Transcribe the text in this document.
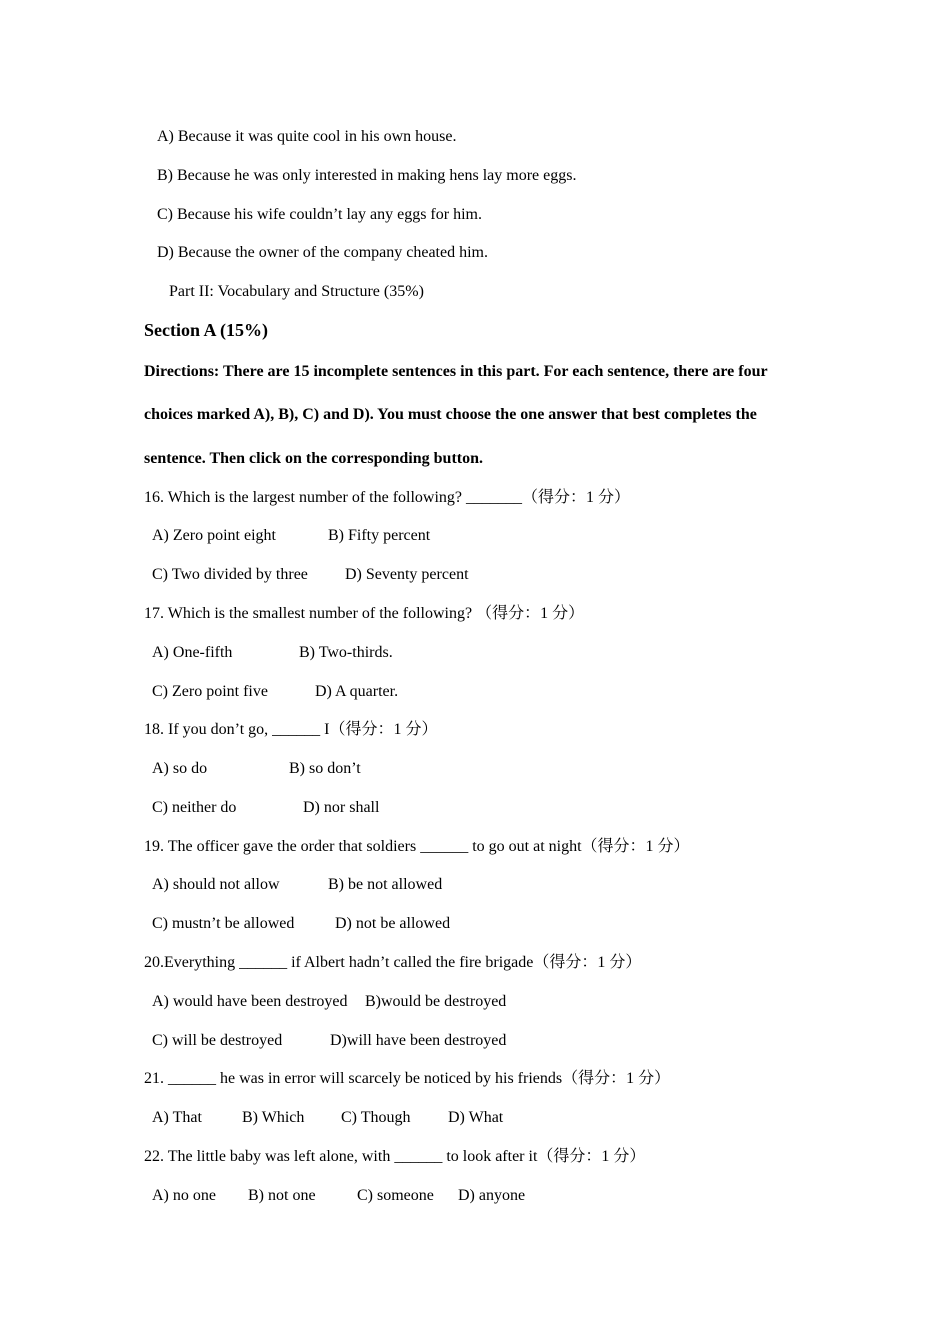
A) Because it was quite cool in his own house.
B) Because he was only interested in making hens lay more eggs.
C) Because his wife couldn’t lay any eggs for him.
D) Because the owner of the company cheated him.
Part II: Vocabulary and Structure (35%)
Section A (15%)
Directions: There are 15 incomplete sentences in this part. For each sentence, there are four
choices marked A), B), C) and D). You must choose the one answer that best completes the
sentence. Then click on the corresponding button.
16. Which is the largest number of the following? _______（得分：1 分）
A) Zero point eight	B) Fifty percent
C) Two divided by three D) Seventy percent
17. Which is the smallest number of the following? （得分：1 分）
A) One-fifth	B) Two-thirds.
C) Zero point five	D) A quarter.
18. If you don’t go, ______ I（得分：1 分）
A) so do	B) so don’t
C) neither do	D) nor shall
19. The officer gave the order that soldiers ______ to go out at night（得分：1 分）
A) should not allow	B) be not allowed
C) mustn’t be allowed	D) not be allowed
20.Everything ______ if Albert hadn’t called the fire brigade（得分：1 分）
A) would have been destroyed B)would be destroyed
C) will be destroyed	D)will have been destroyed
21. ______ he was in error will scarcely be noticed by his friends（得分：1 分）
A) That	B) Which C) Though D) What
22. The little baby was left alone, with ______ to look after it（得分：1 分）
A) no one B) not one	C) someone D) anyone
